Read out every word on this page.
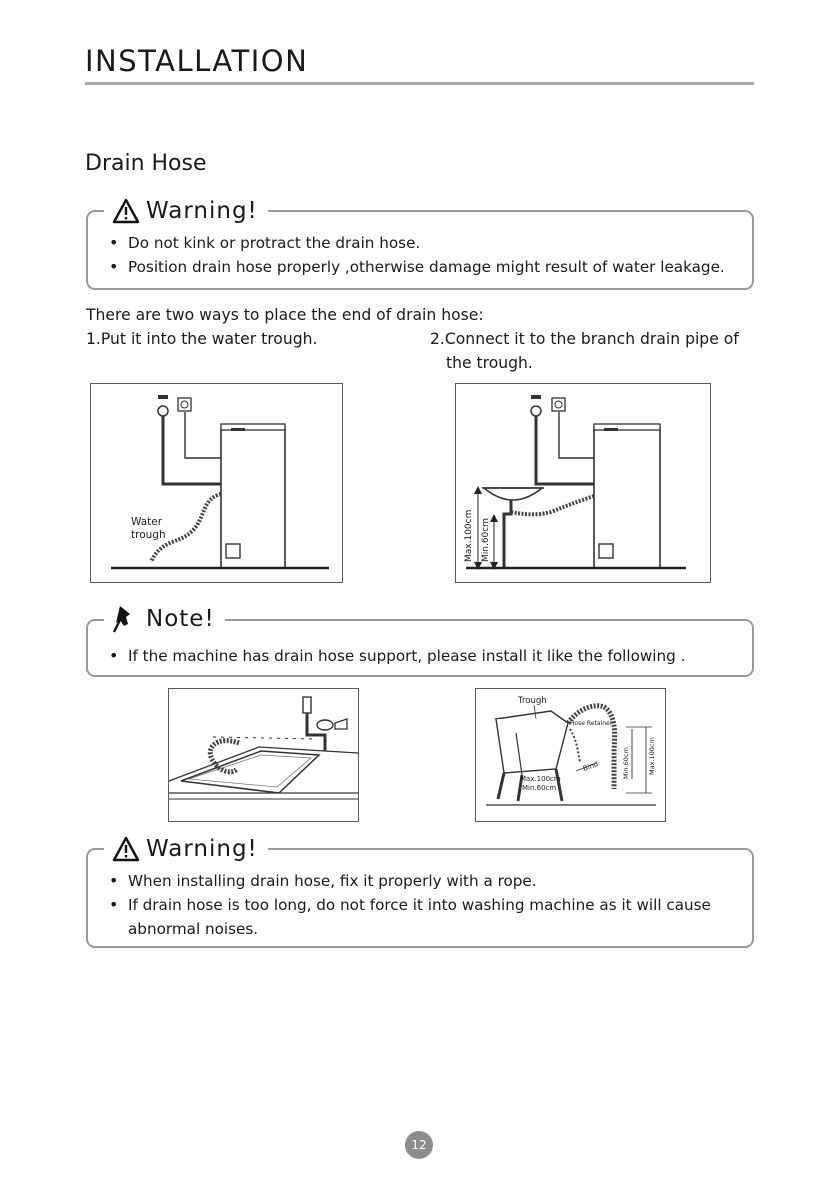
INSTALLATION
Drain Hose
• Do not kink or protract the drain hose.
• Position drain hose properly ,otherwise damage might result of water leakage.
Warning!
There are two ways to place the end of drain hose:
1.Put it into the water trough.	2.Connect it to the branch drain pipe of
the trough.
Water
trough	Max.100cm Min.60cm
• If the machine has drain hose support, please install it like the following .
Note!
Trough
Hose Retainer
Bind
Max.100cm
Min.60cm
Min.60cm	Max.100cm
• When installing drain hose, fix it properly with a rope.
• If drain hose is too long, do not force it into washing machine as it will cause
abnormal noises.
Warning!
12
